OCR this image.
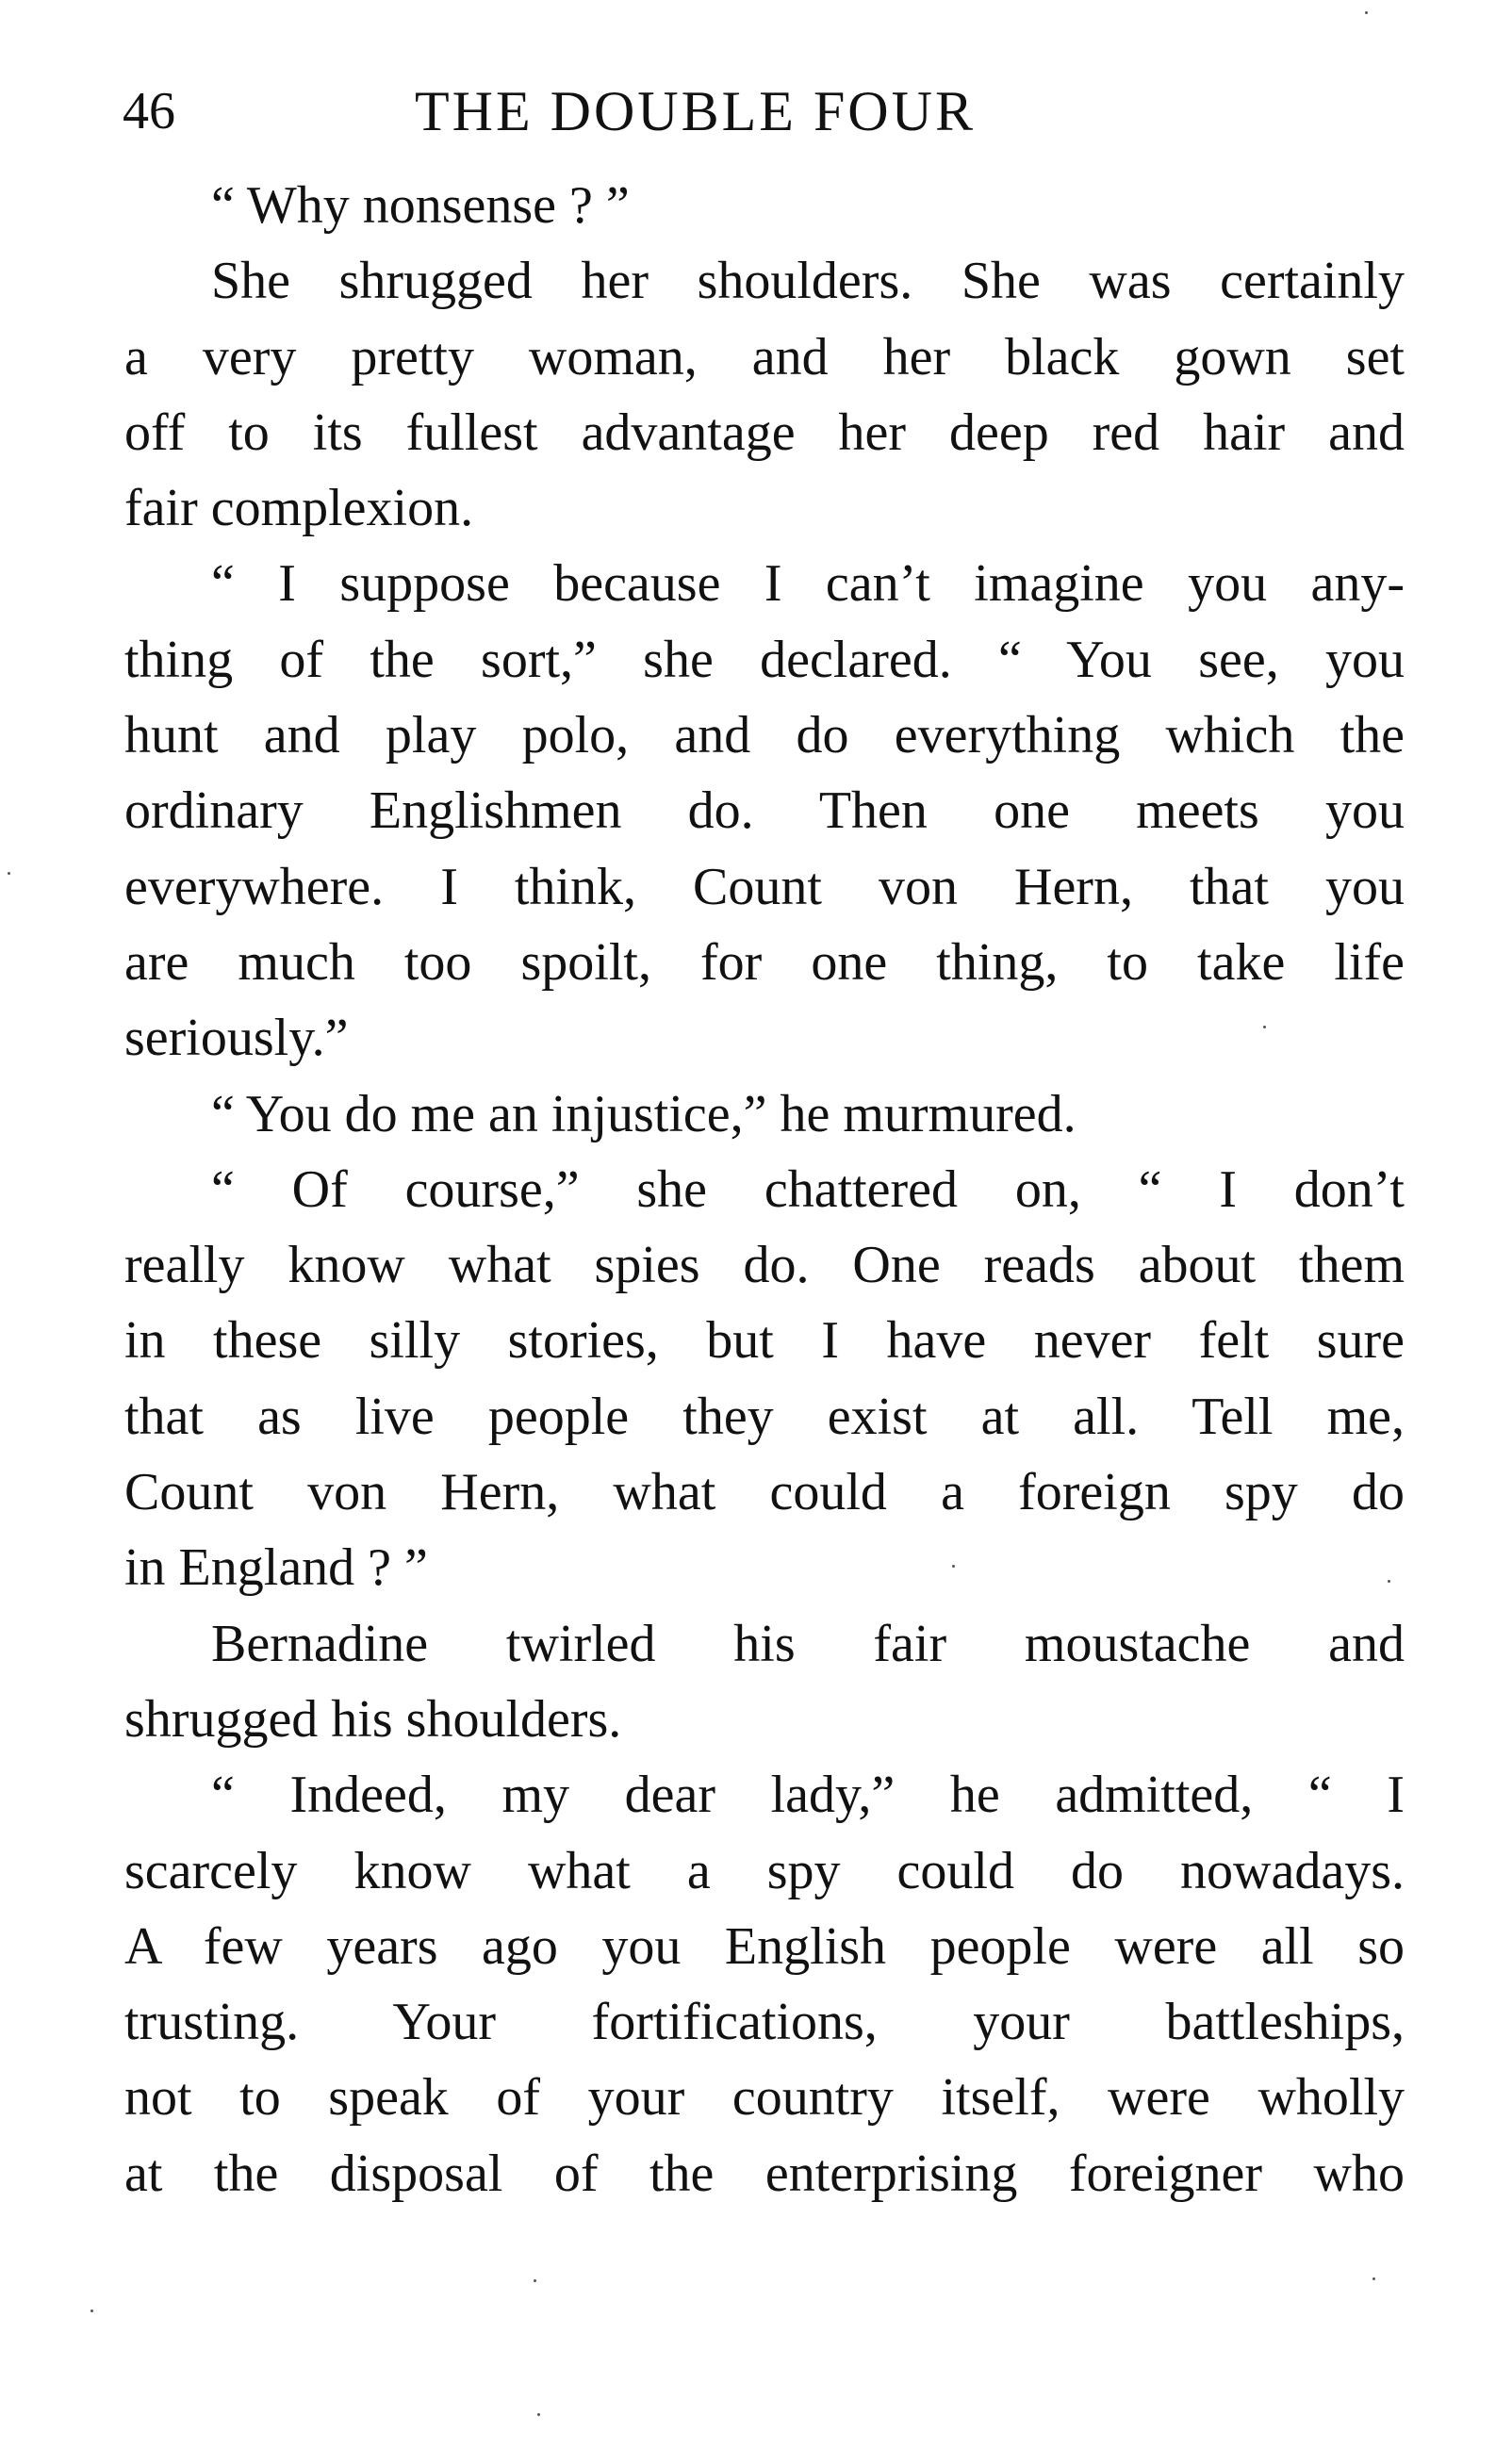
46	THE DOUBLE FOUR
“ Why nonsense ? ”
She shrugged her shoulders. She was certainly
a very pretty woman, and her black gown set
off to its fullest advantage her deep red hair and
fair complexion.
“ I suppose because I can’t imagine you any-
thing of the sort,” she declared. “ You see, you
hunt and play polo, and do everything which the
ordinary Englishmen do. Then one meets you
everywhere. I think, Count von Hern, that you
are much too spoilt, for one thing, to take life
seriously.”
“ You do me an injustice,” he murmured.
“ Of course,” she chattered on, “ I don’t
really know what spies do. One reads about them
in these silly stories, but I have never felt sure
that as live people they exist at all. Tell me,
Count von Hern, what could a foreign spy do
in England ? ”
Bernadine twirled his fair moustache and
shrugged his shoulders.
“ Indeed, my dear lady,” he admitted, “ I
scarcely know what a spy could do nowadays.
A few years ago you English people were all so
trusting. Your fortifications, your battleships,
not to speak of your country itself, were wholly
at the disposal of the enterprising foreigner who
